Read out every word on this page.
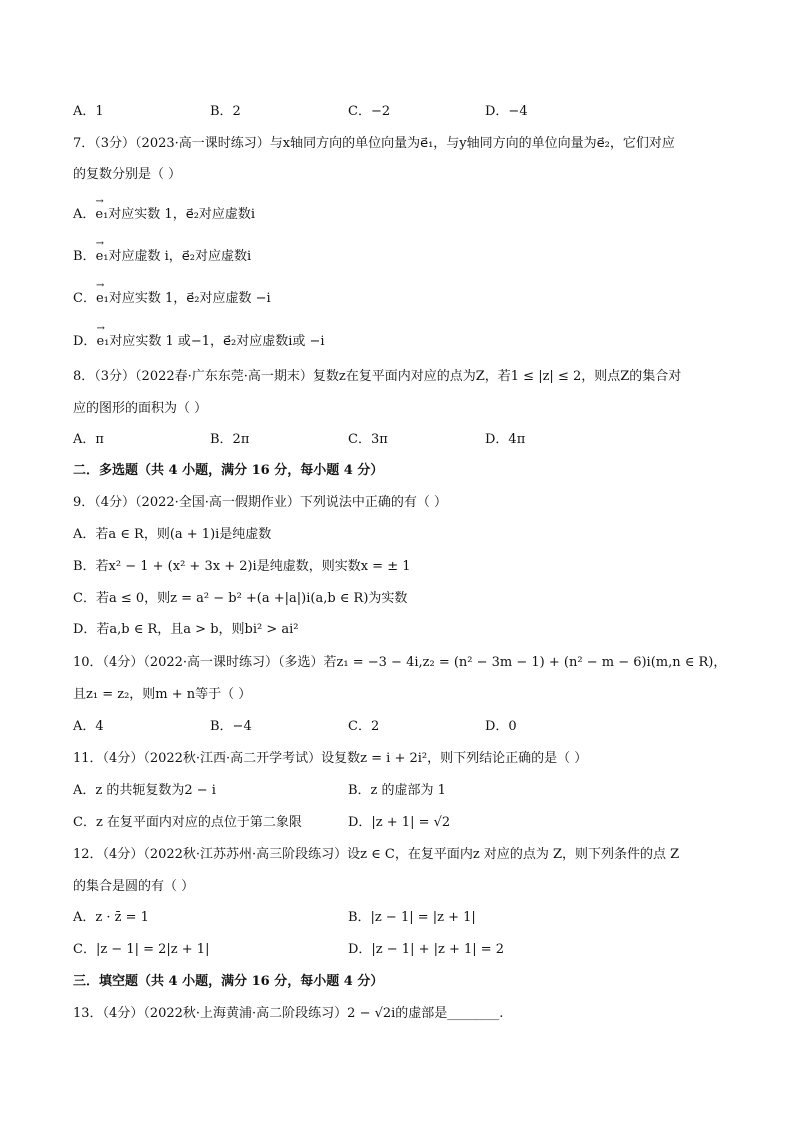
A．1	B．2	C．−2	D．−4
7．（3分）（2023·高一课时练习）与x轴同方向的单位向量为e⃗₁，与y轴同方向的单位向量为e⃗₂，它们对应
的复数分别是（ ）
A．
→
e₁对应实数 1，e⃗₂对应虚数i
B．
→
e₁对应虚数 i，e⃗₂对应虚数i
C．
→
e₁对应实数 1，e⃗₂对应虚数 −i
D．
→
e₁对应实数 1 或−1，e⃗₂对应虚数i或 −i
8．（3分）（2022春·广东东莞·高一期末）复数z在复平面内对应的点为Z，若1 ≤ |z| ≤ 2，则点Z的集合对
应的图形的面积为（ ）
A．π	B．2π	C．3π	D．4π
二．多选题（共 4 小题，满分 16 分，每小题 4 分）
9．（4分）（2022·全国·高一假期作业）下列说法中正确的有（ ）
A．若a ∈ R，则(a + 1)i是纯虚数
B．若x² − 1 + (x² + 3x + 2)i是纯虚数，则实数x = ± 1
C．若a ≤ 0，则z = a² − b² +(a +|a|)i(a,b ∈ R)为实数
D．若a,b ∈ R，且a > b，则bi² > ai²
10．（4分）（2022·高一课时练习）（多选）若z₁ = −3 − 4i,z₂ = (n² − 3m − 1) + (n² − m − 6)i(m,n ∈ R)，
且z₁ = z₂，则m + n等于（ ）
A．4	B．−4	C．2	D．0
11．（4分）（2022秋·江西·高二开学考试）设复数z = i + 2i²，则下列结论正确的是（ ）
A．z 的共轭复数为2 − i	B．z 的虚部为 1
C．z 在复平面内对应的点位于第二象限	D．|z + 1| = √2
12．（4分）（2022秋·江苏苏州·高三阶段练习）设z ∈ C，在复平面内z 对应的点为 Z，则下列条件的点 Z
的集合是圆的有（ ）
A．z · z̄ = 1	B．|z − 1| = |z + 1|
C．|z − 1| = 2|z + 1|	D．|z − 1| + |z + 1| = 2
三．填空题（共 4 小题，满分 16 分，每小题 4 分）
13．（4分）（2022秋·上海黄浦·高二阶段练习）2 − √2i的虚部是________.
